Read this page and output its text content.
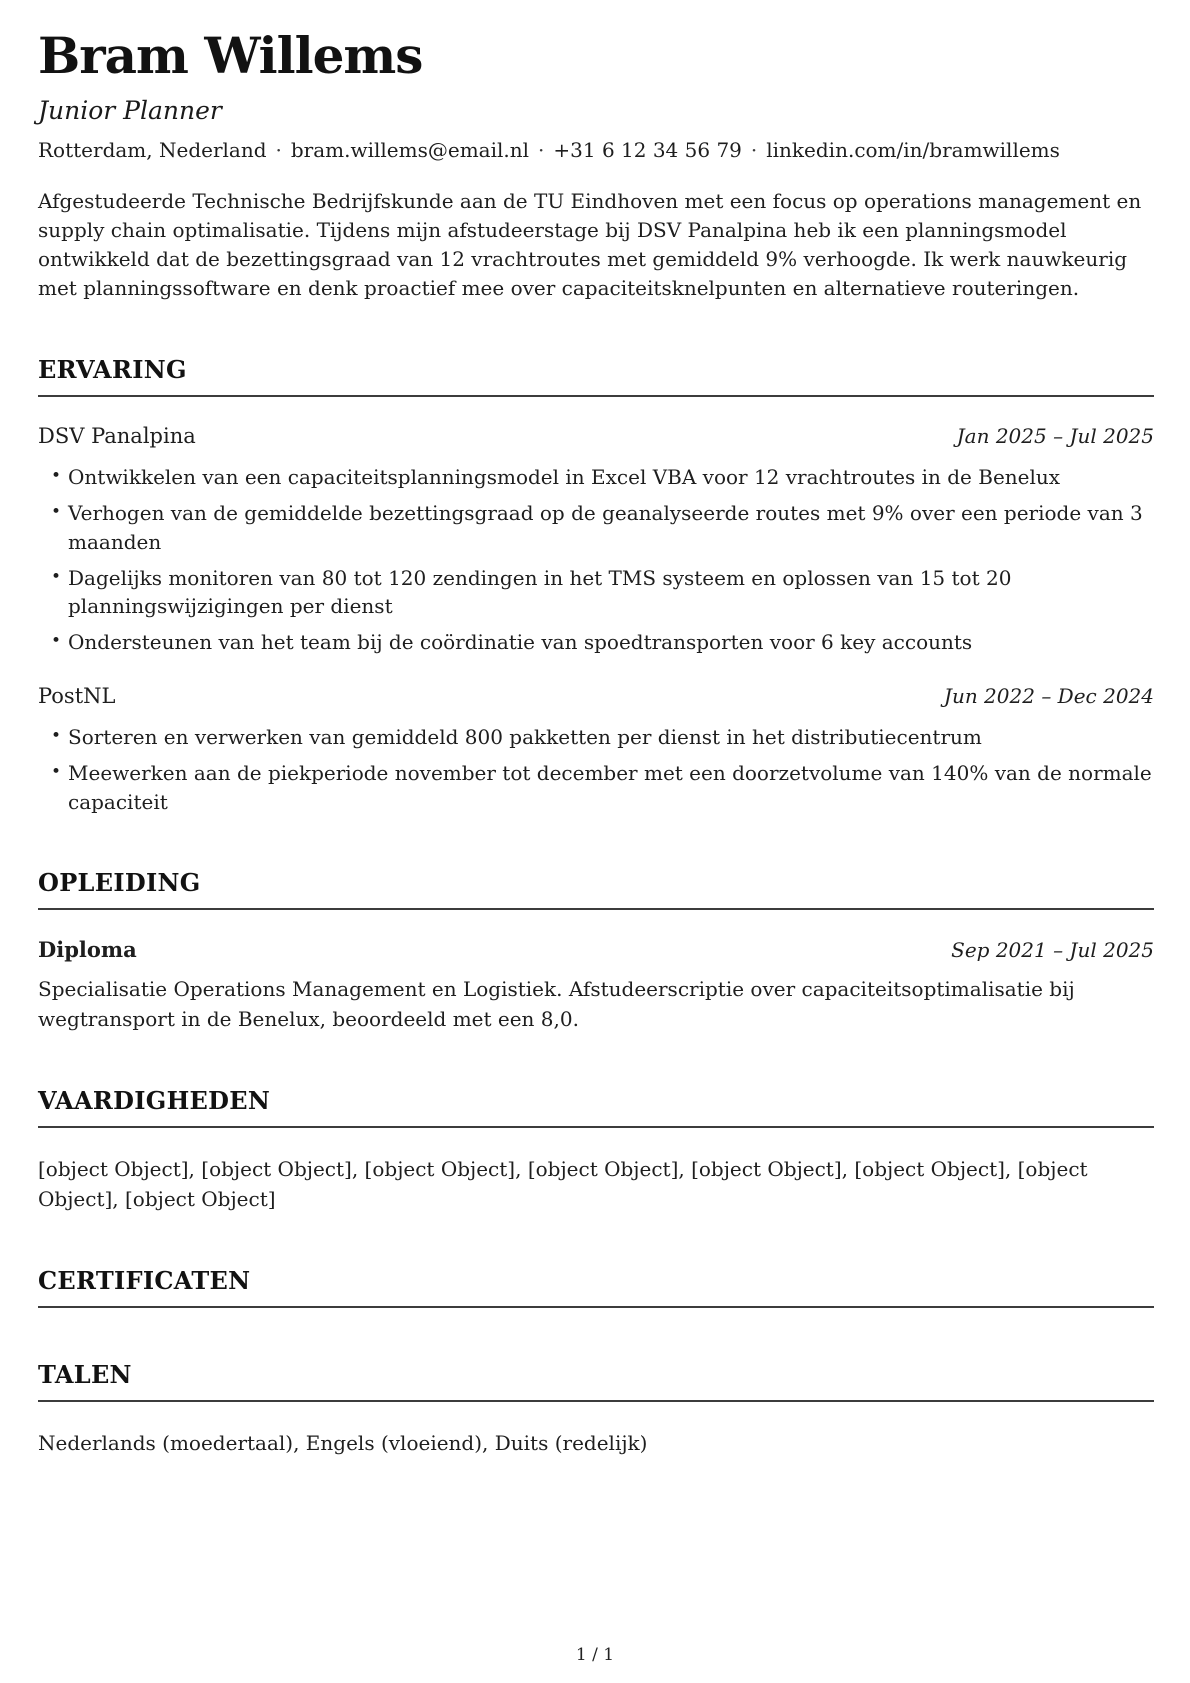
Bram Willems
Junior Planner
Rotterdam, Nederland · bram.willems@email.nl · +31 6 12 34 56 79 · linkedin.com/in/bramwillems

Afgestudeerde Technische Bedrijfskunde aan de TU Eindhoven met een focus op operations management en supply chain optimalisatie. Tijdens mijn afstudeerstage bij DSV Panalpina heb ik een planningsmodel ontwikkeld dat de bezettingsgraad van 12 vrachtroutes met gemiddeld 9% verhoogde. Ik werk nauwkeurig met planningssoftware en denk proactief mee over capaciteitsknelpunten en alternatieve routeringen.

ERVARING
DSV Panalpina	Jan 2025 – Jul 2025
• Ontwikkelen van een capaciteitsplanningsmodel in Excel VBA voor 12 vrachtroutes in de Benelux
• Verhogen van de gemiddelde bezettingsgraad op de geanalyseerde routes met 9% over een periode van 3 maanden
• Dagelijks monitoren van 80 tot 120 zendingen in het TMS systeem en oplossen van 15 tot 20 planningswijzigingen per dienst
• Ondersteunen van het team bij de coördinatie van spoedtransporten voor 6 key accounts
PostNL	Jun 2022 – Dec 2024
• Sorteren en verwerken van gemiddeld 800 pakketten per dienst in het distributiecentrum
• Meewerken aan de piekperiode november tot december met een doorzetvolume van 140% van de normale capaciteit
OPLEIDING
Diploma	Sep 2021 – Jul 2025

Specialisatie Operations Management en Logistiek. Afstudeerscriptie over capaciteitsoptimalisatie bij wegtransport in de Benelux, beoordeeld met een 8,0.

VAARDIGHEDEN

[object Object], [object Object], [object Object], [object Object], [object Object], [object Object], [object Object], [object Object]

CERTIFICATEN
TALEN

Nederlands (moedertaal), Engels (vloeiend), Duits (redelijk)

1 / 1
